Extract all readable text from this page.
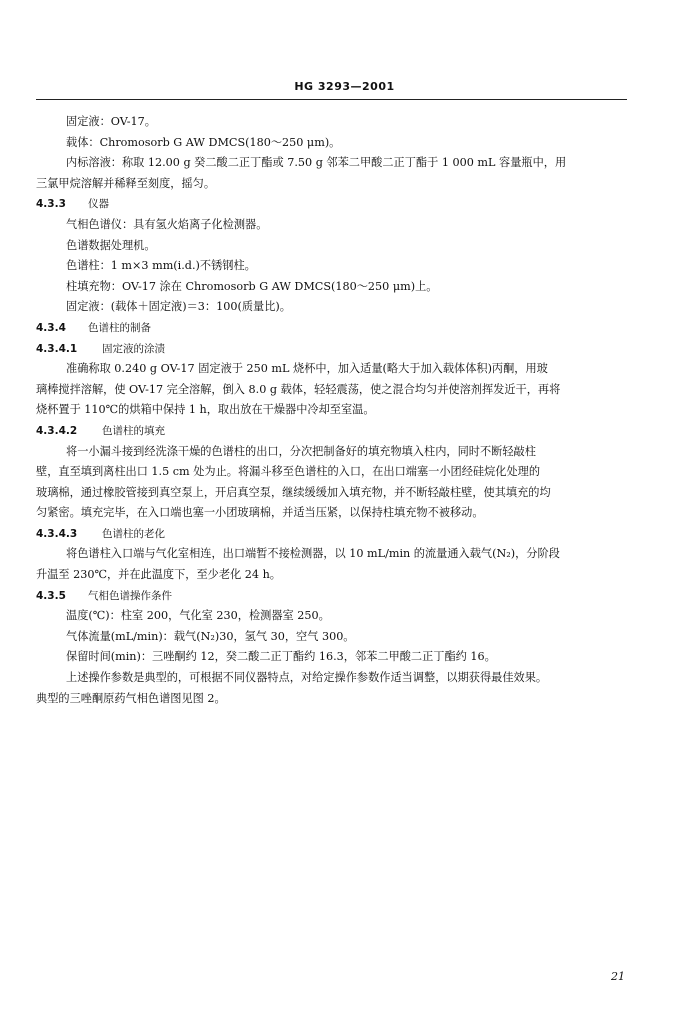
HG 3293—2001

固定液：OV-17。

载体：Chromosorb G AW DMCS(180～250 μm)。

内标溶液：称取 12.00 g 癸二酸二正丁酯或 7.50 g 邻苯二甲酸二正丁酯于 1 000 mL 容量瓶中，用

三氯甲烷溶解并稀释至刻度，摇匀。

4.3.3 仪器

气相色谱仪：具有氢火焰离子化检测器。

色谱数据处理机。

色谱柱：1 m×3 mm(i.d.)不锈钢柱。

柱填充物：OV-17 涂在 Chromosorb G AW DMCS(180～250 μm)上。

固定液：(载体＋固定液)＝3：100(质量比)。

4.3.4 色谱柱的制备

4.3.4.1 固定液的涂渍

准确称取 0.240 g OV-17 固定液于 250 mL 烧杯中，加入适量(略大于加入载体体积)丙酮，用玻

璃棒搅拌溶解，使 OV-17 完全溶解，倒入 8.0 g 载体，轻轻震荡，使之混合均匀并使溶剂挥发近干，再将

烧杯置于 110℃的烘箱中保持 1 h，取出放在干燥器中冷却至室温。

4.3.4.2 色谱柱的填充

将一小漏斗接到经洗涤干燥的色谱柱的出口，分次把制备好的填充物填入柱内，同时不断轻敲柱

壁，直至填到离柱出口 1.5 cm 处为止。将漏斗移至色谱柱的入口，在出口端塞一小团经硅烷化处理的

玻璃棉，通过橡胶管接到真空泵上，开启真空泵，继续缓缓加入填充物，并不断轻敲柱壁，使其填充的均

匀紧密。填充完毕，在入口端也塞一小团玻璃棉，并适当压紧，以保持柱填充物不被移动。

4.3.4.3 色谱柱的老化

将色谱柱入口端与气化室相连，出口端暂不接检测器，以 10 mL/min 的流量通入载气(N₂)，分阶段

升温至 230℃，并在此温度下，至少老化 24 h。

4.3.5 气相色谱操作条件

温度(℃)：柱室 200，气化室 230，检测器室 250。

气体流量(mL/min)：载气(N₂)30，氢气 30，空气 300。

保留时间(min)：三唑酮约 12，癸二酸二正丁酯约 16.3，邻苯二甲酸二正丁酯约 16。

上述操作参数是典型的，可根据不同仪器特点，对给定操作参数作适当调整，以期获得最佳效果。

典型的三唑酮原药气相色谱图见图 2。

21
